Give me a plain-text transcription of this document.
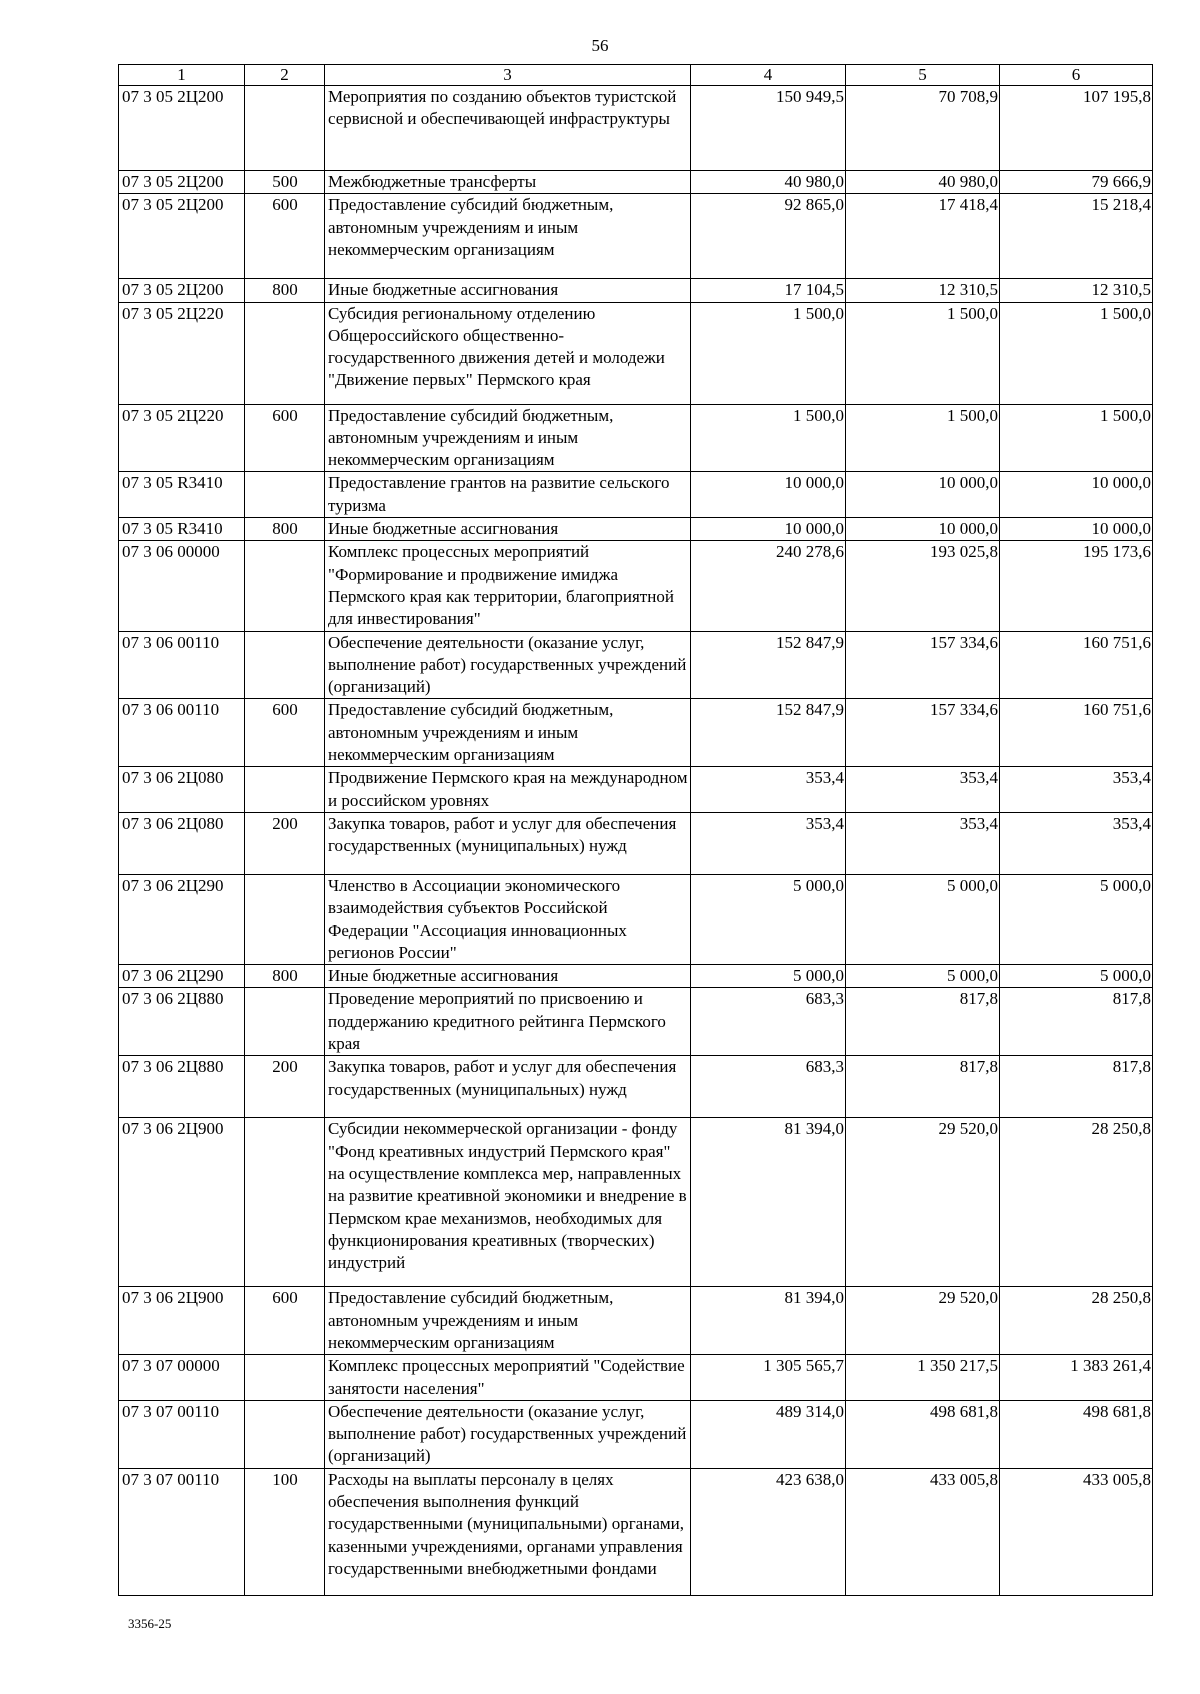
56
1	2	3	4	5	6
07 3 05 2Ц200		Мероприятия по созданию объектов туристской сервисной и обеспечивающей инфраструктуры	150 949,5	70 708,9	107 195,8
07 3 05 2Ц200	500	Межбюджетные трансферты	40 980,0	40 980,0	79 666,9
07 3 05 2Ц200	600	Предоставление субсидий бюджетным, автономным учреждениям и иным некоммерческим организациям	92 865,0	17 418,4	15 218,4
07 3 05 2Ц200	800	Иные бюджетные ассигнования	17 104,5	12 310,5	12 310,5
07 3 05 2Ц220		Субсидия региональному отделению Общероссийского общественно-государственного движения детей и молодежи "Движение первых" Пермского края	1 500,0	1 500,0	1 500,0
07 3 05 2Ц220	600	Предоставление субсидий бюджетным, автономным учреждениям и иным некоммерческим организациям	1 500,0	1 500,0	1 500,0
07 3 05 R3410		Предоставление грантов на развитие сельского туризма	10 000,0	10 000,0	10 000,0
07 3 05 R3410	800	Иные бюджетные ассигнования	10 000,0	10 000,0	10 000,0
07 3 06 00000		Комплекс процессных мероприятий "Формирование и продвижение имиджа Пермского края как территории, благоприятной для инвестирования"	240 278,6	193 025,8	195 173,6
07 3 06 00110		Обеспечение деятельности (оказание услуг, выполнение работ) государственных учреждений (организаций)	152 847,9	157 334,6	160 751,6
07 3 06 00110	600	Предоставление субсидий бюджетным, автономным учреждениям и иным некоммерческим организациям	152 847,9	157 334,6	160 751,6
07 3 06 2Ц080		Продвижение Пермского края на международном и российском уровнях	353,4	353,4	353,4
07 3 06 2Ц080	200	Закупка товаров, работ и услуг для обеспечения государственных (муниципальных) нужд	353,4	353,4	353,4
07 3 06 2Ц290		Членство в Ассоциации экономического взаимодействия субъектов Российской Федерации "Ассоциация инновационных регионов России"	5 000,0	5 000,0	5 000,0
07 3 06 2Ц290	800	Иные бюджетные ассигнования	5 000,0	5 000,0	5 000,0
07 3 06 2Ц880		Проведение мероприятий по присвоению и поддержанию кредитного рейтинга Пермского края	683,3	817,8	817,8
07 3 06 2Ц880	200	Закупка товаров, работ и услуг для обеспечения государственных (муниципальных) нужд	683,3	817,8	817,8
07 3 06 2Ц900		Субсидии некоммерческой организации - фонду "Фонд креативных индустрий Пермского края" на осуществление комплекса мер, направленных на развитие креативной экономики и внедрение в Пермском крае механизмов, необходимых для функционирования креативных (творческих) индустрий	81 394,0	29 520,0	28 250,8
07 3 06 2Ц900	600	Предоставление субсидий бюджетным, автономным учреждениям и иным некоммерческим организациям	81 394,0	29 520,0	28 250,8
07 3 07 00000		Комплекс процессных мероприятий "Содействие занятости населения"	1 305 565,7	1 350 217,5	1 383 261,4
07 3 07 00110		Обеспечение деятельности (оказание услуг, выполнение работ) государственных учреждений (организаций)	489 314,0	498 681,8	498 681,8
07 3 07 00110	100	Расходы на выплаты персоналу в целях обеспечения выполнения функций государственными (муниципальными) органами, казенными учреждениями, органами управления государственными внебюджетными фондами	423 638,0	433 005,8	433 005,8
3356-25
